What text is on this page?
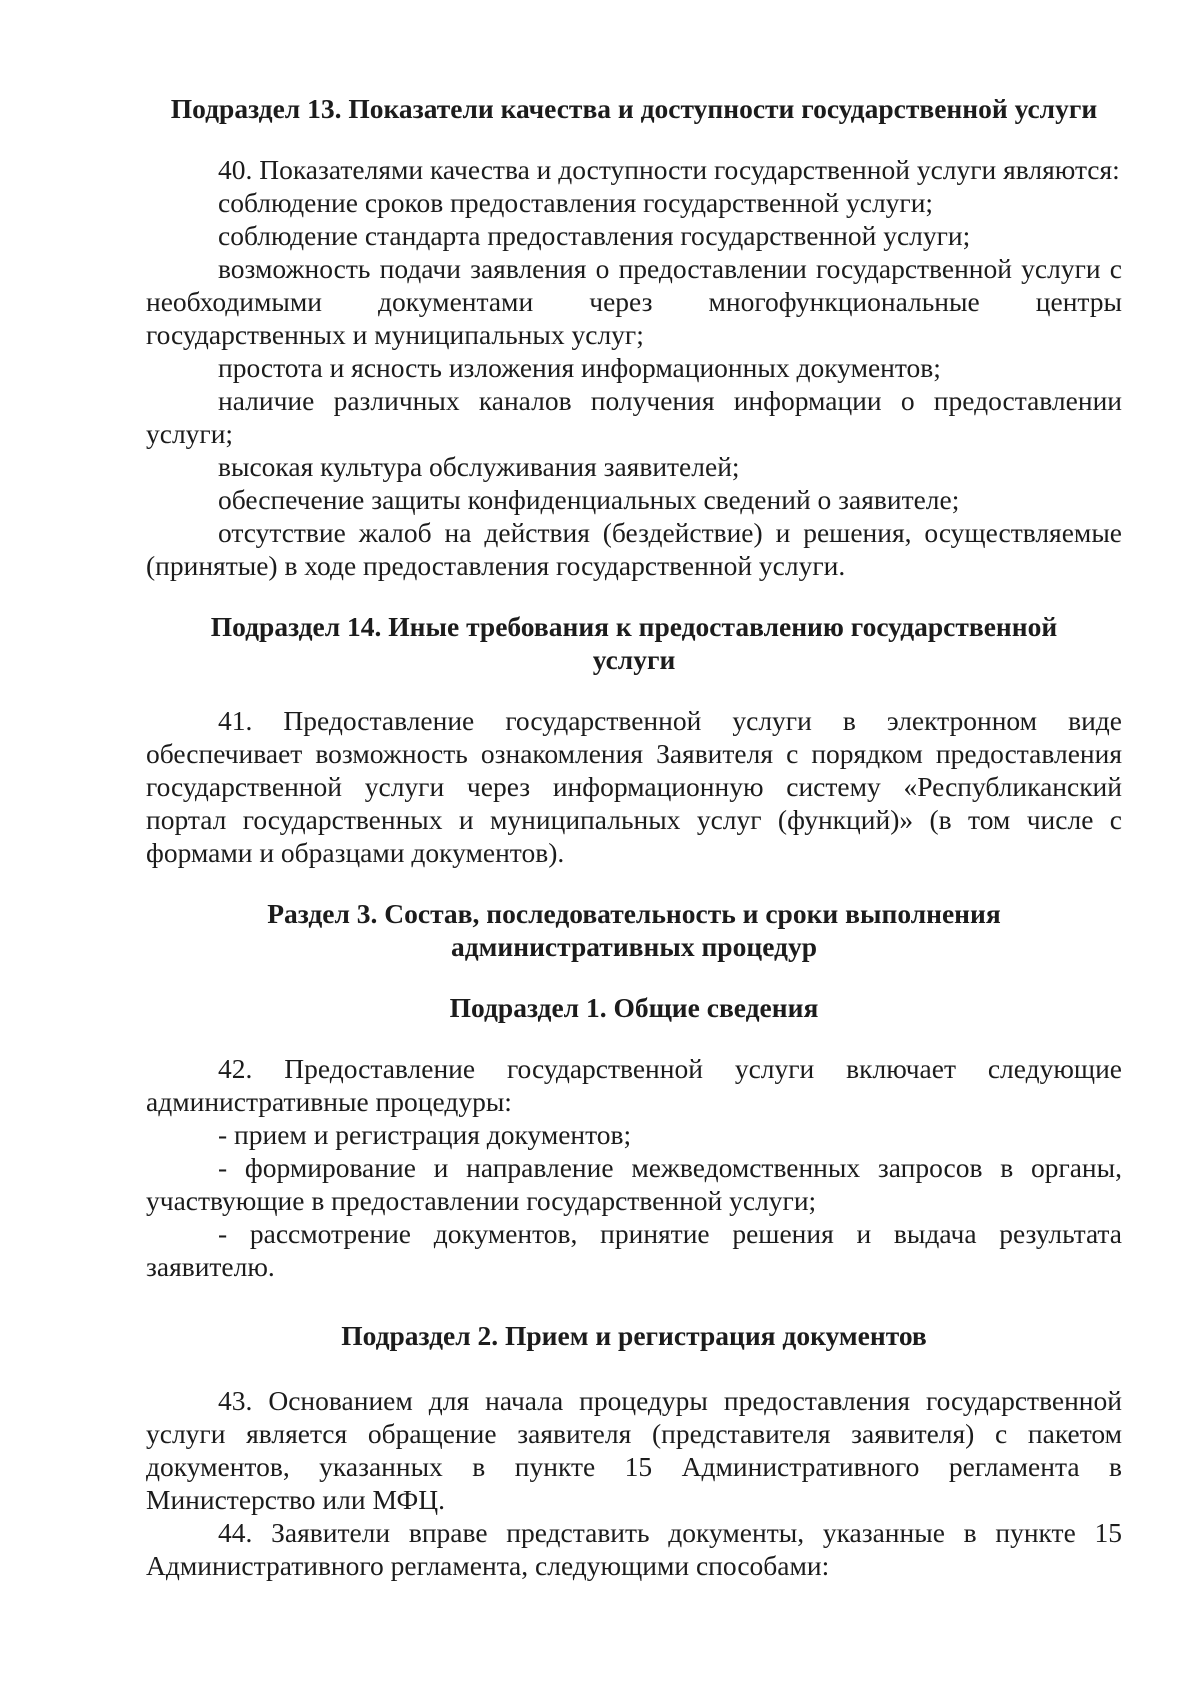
Подраздел 13. Показатели качества и доступности государственной услуги

40. Показателями качества и доступности государственной услуги являются:

соблюдение сроков предоставления государственной услуги;

соблюдение стандарта предоставления государственной услуги;

возможность подачи заявления о предоставлении государственной услуги с необходимыми документами через многофункциональные центры государственных и муниципальных услуг;

простота и ясность изложения информационных документов;

наличие различных каналов получения информации о предоставлении услуги;

высокая культура обслуживания заявителей;

обеспечение защиты конфиденциальных сведений о заявителе;

отсутствие жалоб на действия (бездействие) и решения, осуществляемые (принятые) в ходе предоставления государственной услуги.

Подраздел 14. Иные требования к предоставлению государственной
услуги

41. Предоставление государственной услуги в электронном виде обеспечивает возможность ознакомления Заявителя с порядком предоставления государственной услуги через информационную систему «Республиканский портал государственных и муниципальных услуг (функций)» (в том числе с формами и образцами документов).

Раздел 3. Состав, последовательность и сроки выполнения
административных процедур
Подраздел 1. Общие сведения

42. Предоставление государственной услуги включает следующие административные процедуры:

- прием и регистрация документов;

- формирование и направление межведомственных запросов в органы, участвующие в предоставлении государственной услуги;

- рассмотрение документов, принятие решения и выдача результата заявителю.

Подраздел 2. Прием и регистрация документов

43. Основанием для начала процедуры предоставления государственной услуги является обращение заявителя (представителя заявителя) с пакетом документов, указанных в пункте 15 Административного регламента в Министерство или МФЦ.

44. Заявители вправе представить документы, указанные в пункте 15 Административного регламента, следующими способами:
